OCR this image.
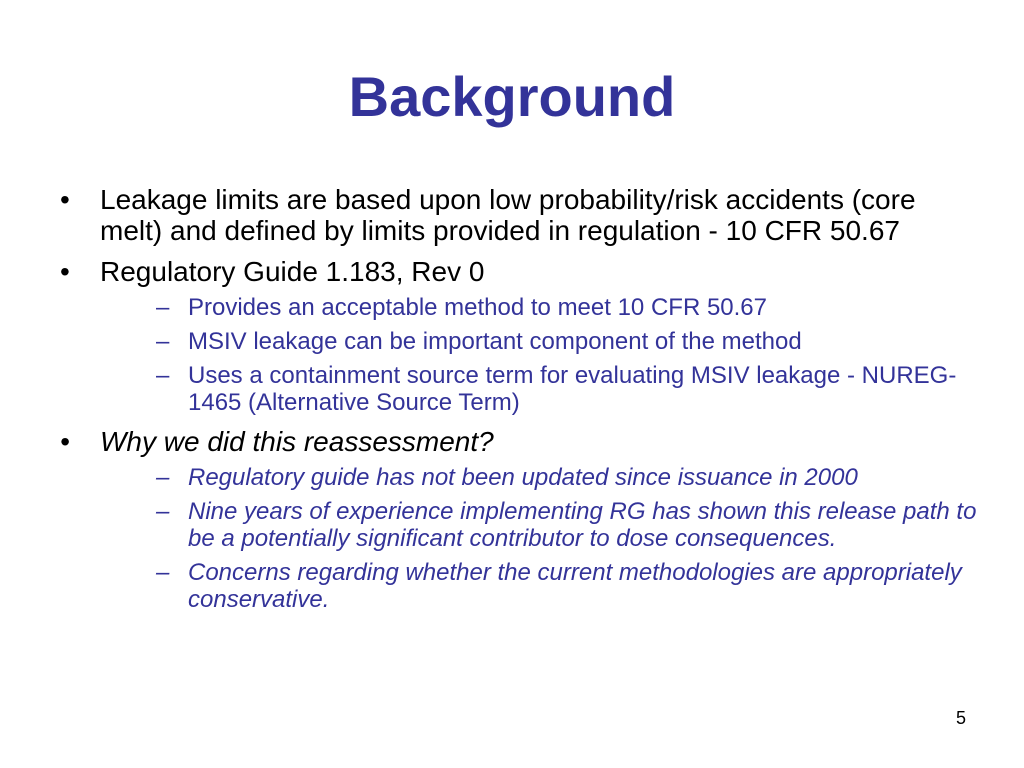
Background
• Leakage limits are based upon low probability/risk accidents (core melt) and defined by limits provided in regulation - 10 CFR 50.67
• Regulatory Guide 1.183, Rev 0
– Provides an acceptable method to meet 10 CFR 50.67
– MSIV leakage can be important component of the method
– Uses a containment source term for evaluating MSIV leakage - NUREG-1465 (Alternative Source Term)
• Why we did this reassessment?
– Regulatory guide has not been updated since issuance in 2000
– Nine years of experience implementing RG has shown this release path to be a potentially significant contributor to dose consequences.
– Concerns regarding whether the current methodologies are appropriately conservative.
5
